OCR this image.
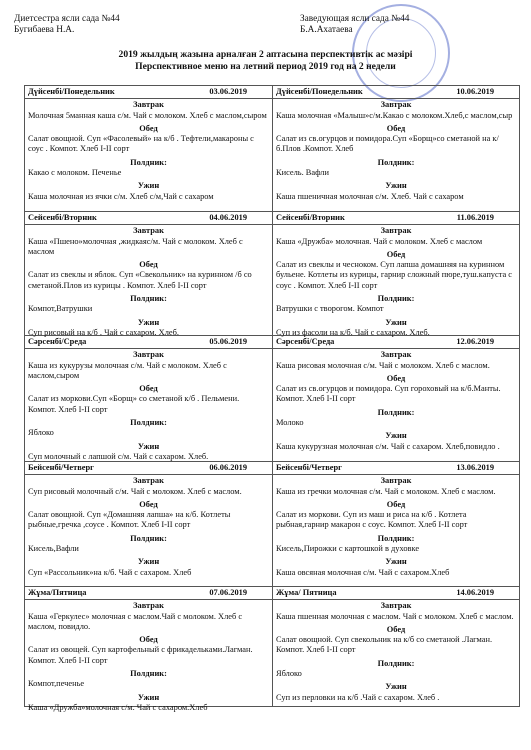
Диетсестра ясли сада №44
Бугибаева Н.А.
Заведующая ясли сада №44
Б.А.Ахатаева
2019 жылдың жазына арналған 2 аптасына перспективтік ас мәзірі
Перспективное меню на летний период 2019 год на 2 недели
Дүйсенбі/Понедельник	03.06.2019
Завтрак
Молочная 5манная каша с/м. Чай с молоком. Хлеб с маслом,сыром
Обед
Салат овощной. Суп «Фасолевый» на к/б . Тефтели,макароны с соус . Компот. Хлеб I-II сорт
Полдник:
Какао с молоком. Печенье
Ужин
Каша молочная из ячки с/м. Хлеб с/м,Чай с сахаром
Дүйсенбі/Понедельник	10.06.2019
Завтрак
Каша молочная «Малыш»с/м.Какао с молоком.Хлеб,с маслом,сыр
Обед
Салат из св.огурцов и помидора.Суп «Борщ»со сметаной на к/б.Плов .Компот. Хлеб
Полдник:
Кисель. Вафли
Ужин
Каша пшеничная молочная с/м. Хлеб. Чай с сахаром
Сейсенбі/Вторник	04.06.2019
Завтрак
Каша «Пшено»молочная ,жидкаяс/м. Чай с молоком. Хлеб с маслом
Обед
Салат из свеклы и яблок. Суп «Свекольник» на куринном /б со сметаной.Плов из курицы . Компот. Хлеб I-II сорт
Полдник:
Компот,Ватрушки
Ужин
Суп рисовый на к/б . Чай с сахаром. Хлеб.
Сейсенбі/Вторник	11.06.2019
Завтрак
Каша «Дружба» молочная. Чай с молоком. Хлеб с маслом
Обед
Салат из свеклы и чесноком. Суп лапша домашняя на куринном бульене. Котлеты из курицы, гарнир сложный пюре,туш.капуста с соус . Компот. Хлеб I-II сорт
Полдник:
Ватрушки с творогом. Компот
Ужин
Суп из фасоли на к/б. Чай с сахаром. Хлеб.
Сәрсенбі/Среда	05.06.2019
Завтрак
Каша из кукурузы молочная с/м. Чай с молоком. Хлеб с маслом,сыром
Обед
Салат из моркови.Суп «Борщ» со сметаной к/б . Пельмени. Компот. Хлеб I-II сорт
Полдник:
Яблоко
Ужин
Суп молочный с лапшой с/м. Чай с сахаром. Хлеб.
Сәрсенбі/Среда	12.06.2019
Завтрак
Каша рисовая молочная с/м. Чай с молоком. Хлеб с маслом.
Обед
Салат из св.огурцов и помидора. Суп гороховый на к/б.Манты. Компот. Хлеб I-II сорт
Полдник:
Молоко
Ужин
Каша кукурузная молочная с/м. Чай с сахаром. Хлеб,повидло .
Бейсенбі/Четверг	06.06.2019
Завтрак
Суп рисовый молочный с/м. Чай с молоком. Хлеб с маслом.
Обед
Салат овощной. Суп «Домашняя лапша» на к/б. Котлеты рыбные,гречка ,соусе . Компот. Хлеб I-II сорт
Полдник:
Кисель,Вафли
Ужин
Суп «Рассольник»на к/б. Чай с сахаром. Хлеб
Бейсенбі/Четверг	13.06.2019
Завтрак
Каша из гречки молочная с/м. Чай с молоком. Хлеб с маслом.
Обед
Салат из моркови. Суп из маш и риса на к/б . Котлета рыбная,гарнир макарон с соус. Компот. Хлеб I-II сорт
Полдник:
Кисель,Пирожки с картошкой в духовке
Ужин
Каша овсяная молочная с/м. Чай с сахаром.Хлеб
Жұма/Пятница	07.06.2019
Завтрак
Каша «Геркулес» молочная с маслом.Чай с молоком. Хлеб с маслом, повидло.
Обед
Салат из овощей. Суп картофельный с фрикадельками.Лагман. Компот. Хлеб I-II сорт
Полдник:
Компот,печенье
Ужин
Каша «Дружба»молочная с/м. Чай с сахаром.Хлеб
Жұма/ Пятница	14.06.2019
Завтрак
Каша пшенная молочная с маслом. Чай с молоком. Хлеб с маслом.
Обед
Салат овощной. Суп свекольник на к/б со сметаной .Лагман. Компот. Хлеб I-II сорт
Полдник:
Яблоко
Ужин
Суп из перловки на к/б .Чай с сахаром. Хлеб .
